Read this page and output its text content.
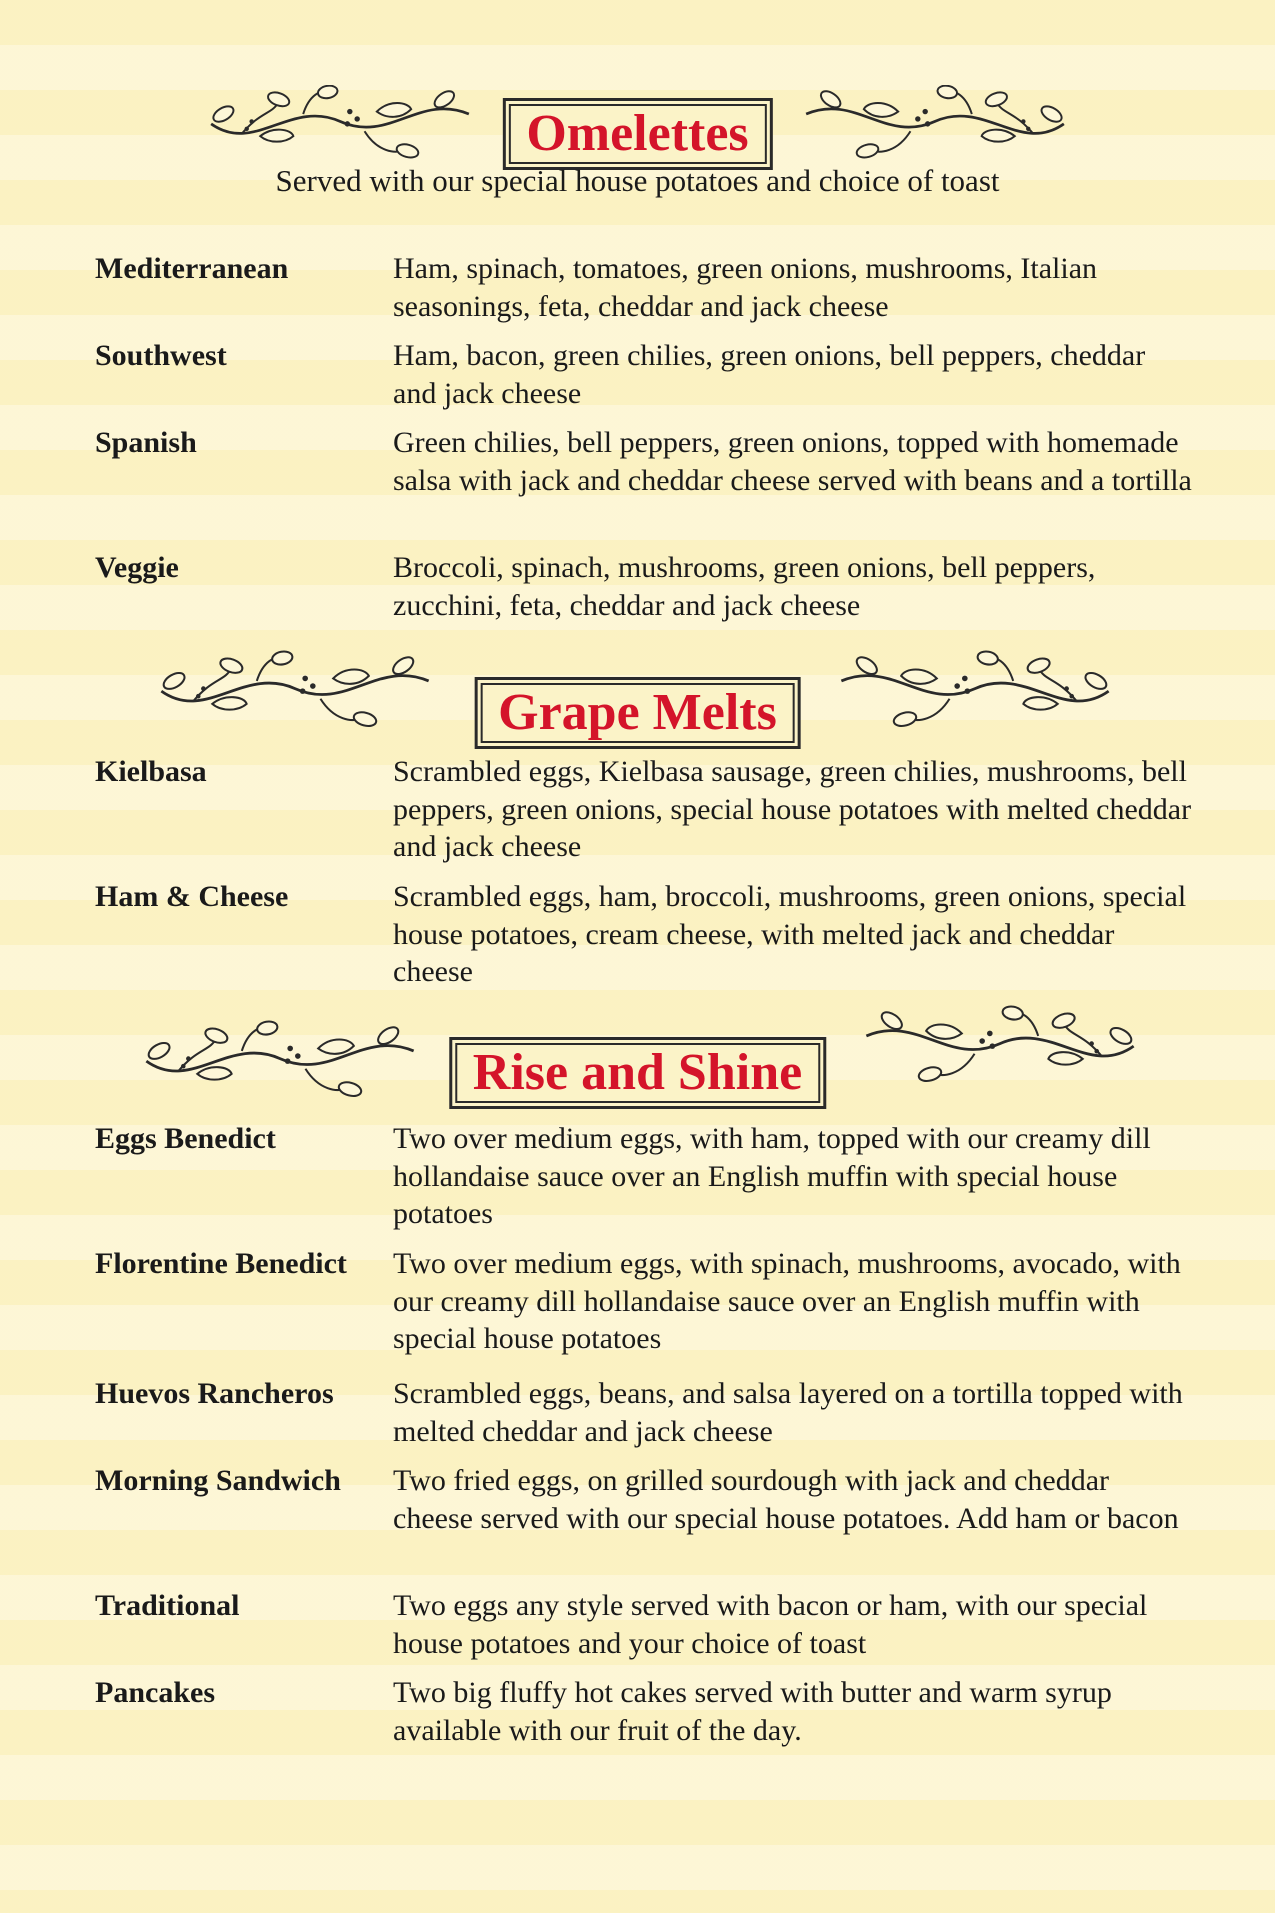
Omelettes
Served with our special house potatoes and choice of toast
Mediterranean	Ham, spinach, tomatoes, green onions, mushrooms, Italian seasonings, feta, cheddar and jack cheese
Southwest	Ham, bacon, green chilies, green onions, bell peppers, cheddar and jack cheese
Spanish	Green chilies, bell peppers, green onions, topped with homemade salsa with jack and cheddar cheese served with beans and a tortilla
Veggie	Broccoli, spinach, mushrooms, green onions, bell peppers, zucchini, feta, cheddar and jack cheese
Grape Melts
Kielbasa	Scrambled eggs, Kielbasa sausage, green chilies, mushrooms, bell peppers, green onions, special house potatoes with melted cheddar and jack cheese
Ham & Cheese	Scrambled eggs, ham, broccoli, mushrooms, green onions, special house potatoes, cream cheese, with melted jack and cheddar cheese
Rise and Shine
Eggs Benedict	Two over medium eggs, with ham, topped with our creamy dill hollandaise sauce over an English muffin with special house potatoes
Florentine Benedict	Two over medium eggs, with spinach, mushrooms, avocado, with our creamy dill hollandaise sauce over an English muffin with special house potatoes
Huevos Rancheros	Scrambled eggs, beans, and salsa layered on a tortilla topped with melted cheddar and jack cheese
Morning Sandwich	Two fried eggs, on grilled sourdough with jack and cheddar cheese served with our special house potatoes. Add ham or bacon
Traditional	Two eggs any style served with bacon or ham, with our special house potatoes and your choice of toast
Pancakes	Two big fluffy hot cakes served with butter and warm syrup available with our fruit of the day.
